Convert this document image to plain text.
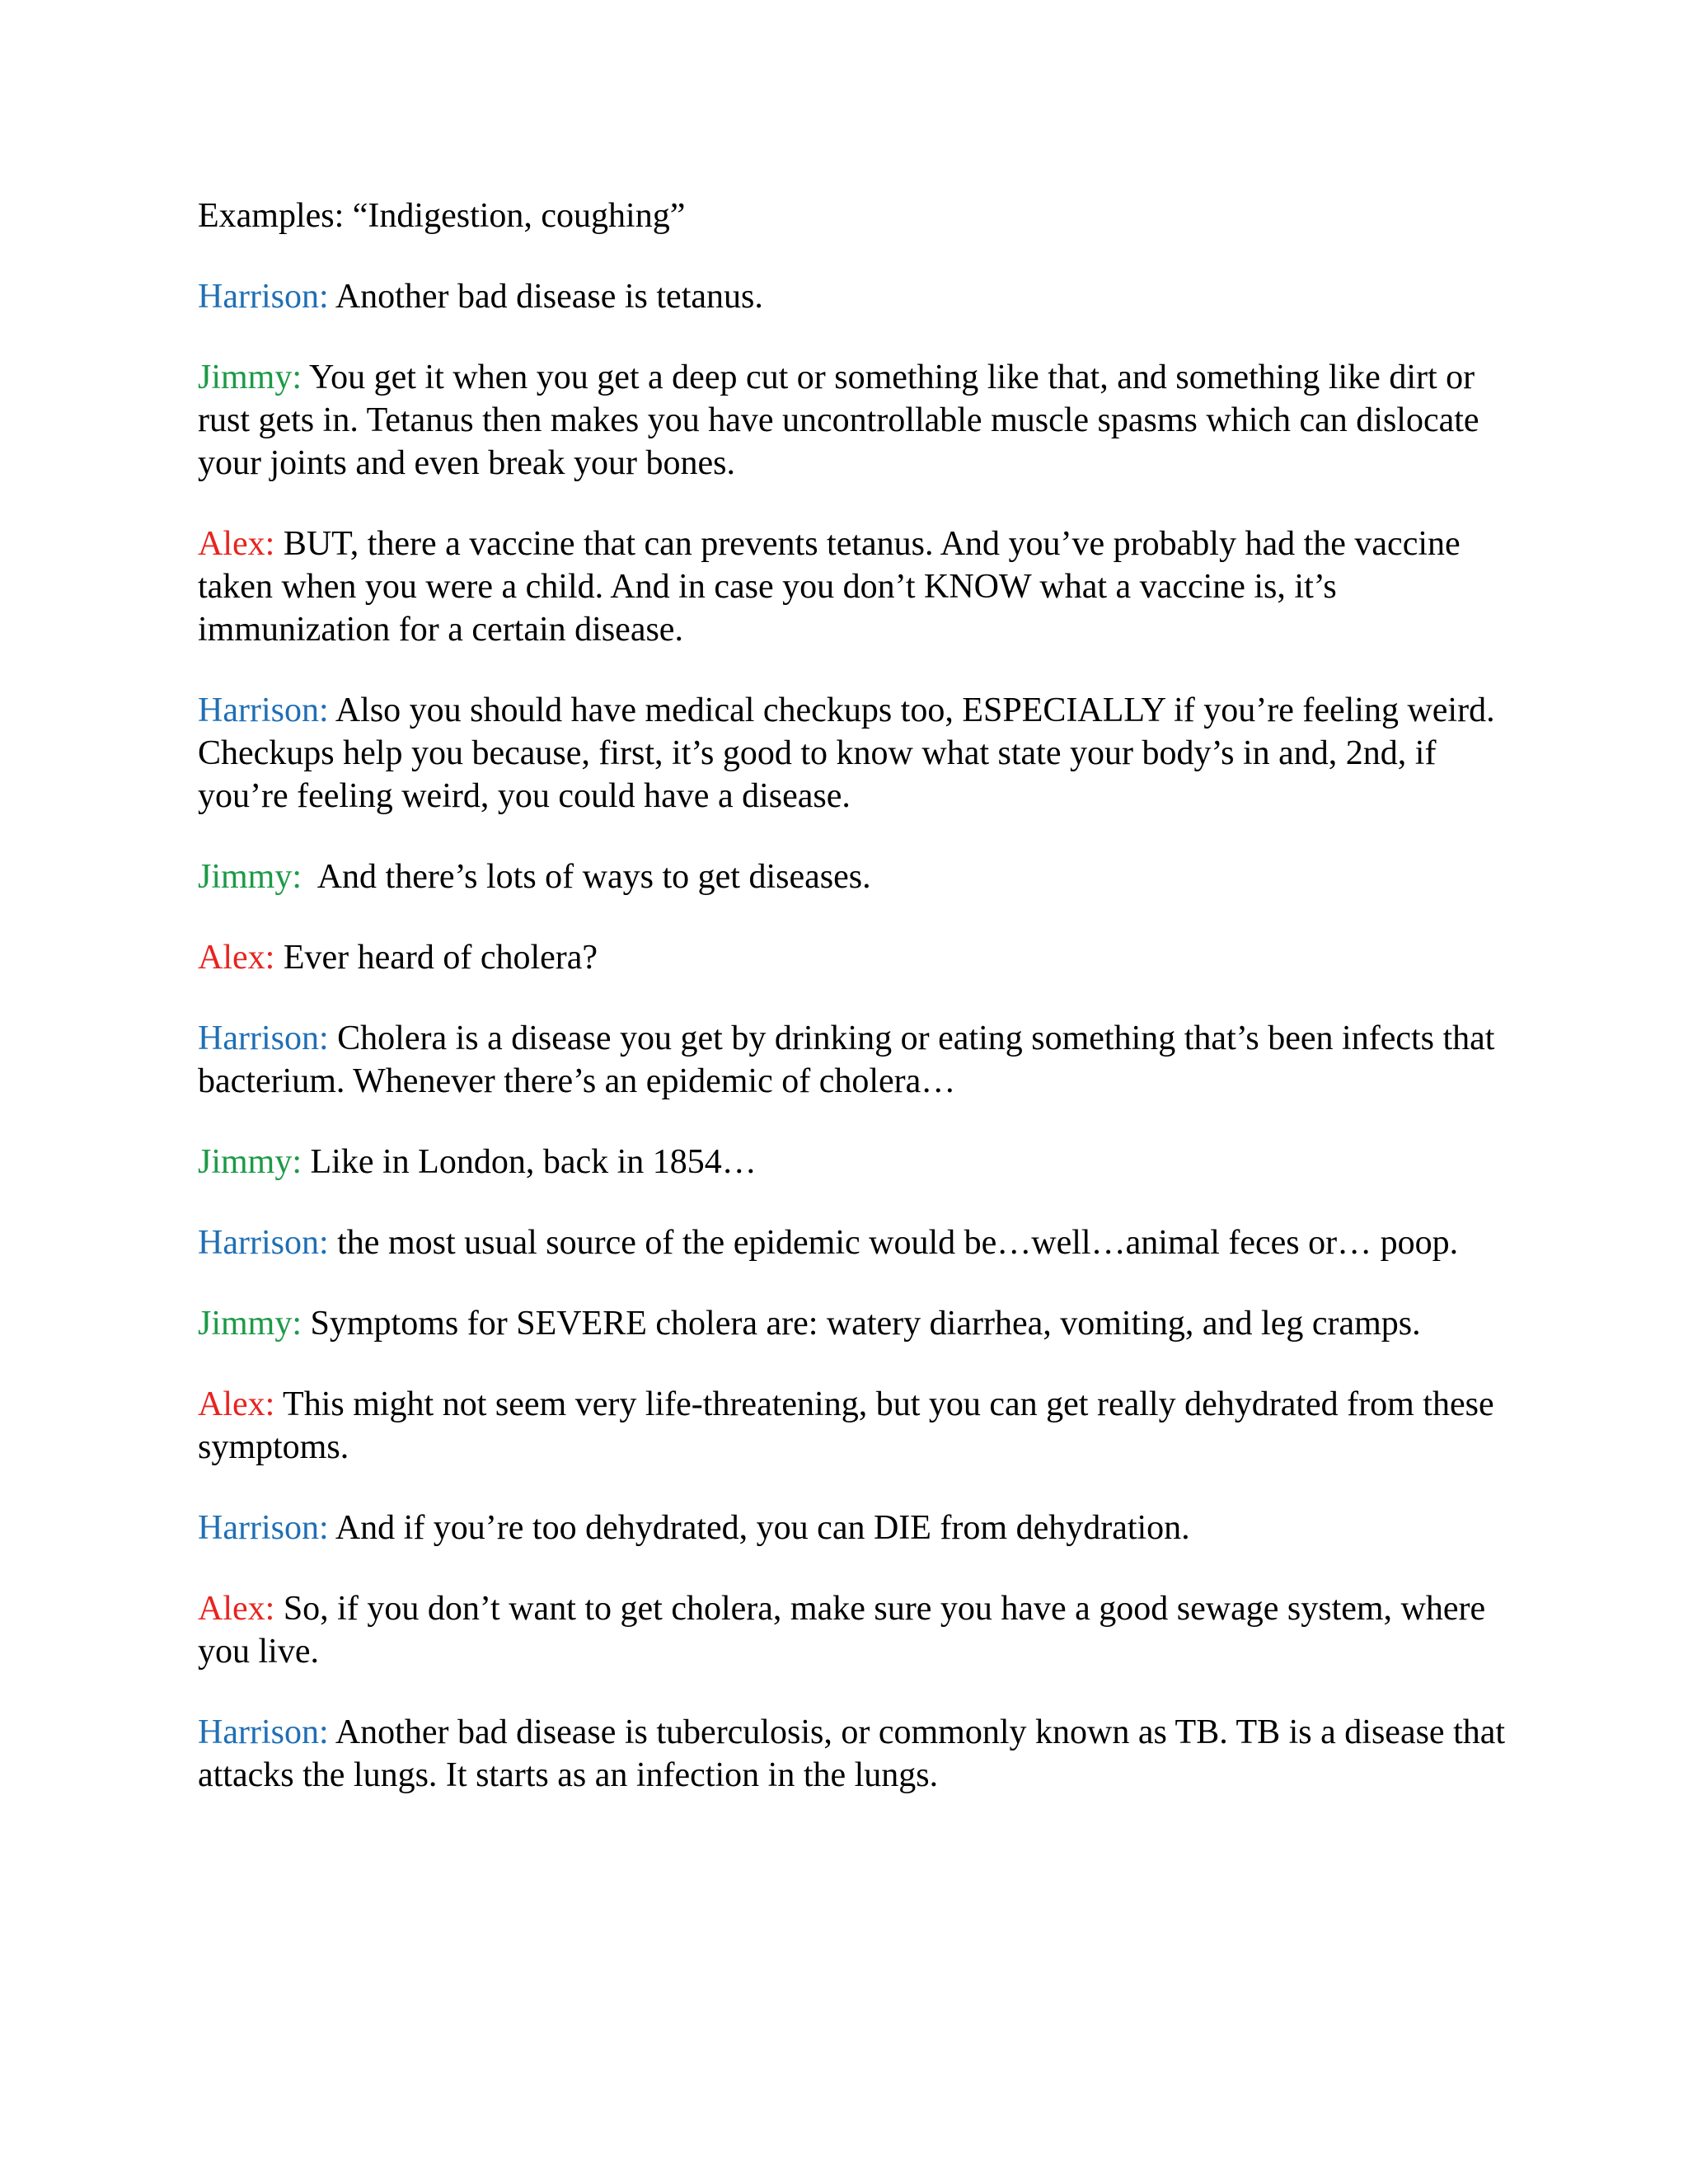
Examples: “Indigestion, coughing”

Harrison: Another bad disease is tetanus.

Jimmy: You get it when you get a deep cut or something like that, and something like dirt or rust gets in. Tetanus then makes you have uncontrollable muscle spasms which can dislocate your joints and even break your bones.

Alex: BUT, there a vaccine that can prevents tetanus. And you’ve probably had the vaccine taken when you were a child. And in case you don’t KNOW what a vaccine is, it’s immunization for a certain disease.

Harrison: Also you should have medical checkups too, ESPECIALLY if you’re feeling weird. Checkups help you because, first, it’s good to know what state your body’s in and, 2nd, if you’re feeling weird, you could have a disease.

Jimmy:  And there’s lots of ways to get diseases.

Alex: Ever heard of cholera?

Harrison: Cholera is a disease you get by drinking or eating something that’s been infects that bacterium. Whenever there’s an epidemic of cholera…

Jimmy: Like in London, back in 1854…

Harrison: the most usual source of the epidemic would be…well…animal feces or… poop.

Jimmy: Symptoms for SEVERE cholera are: watery diarrhea, vomiting, and leg cramps.

Alex: This might not seem very life-threatening, but you can get really dehydrated from these symptoms.

Harrison: And if you’re too dehydrated, you can DIE from dehydration.

Alex: So, if you don’t want to get cholera, make sure you have a good sewage system, where you live.

Harrison: Another bad disease is tuberculosis, or commonly known as TB. TB is a disease that attacks the lungs. It starts as an infection in the lungs.
